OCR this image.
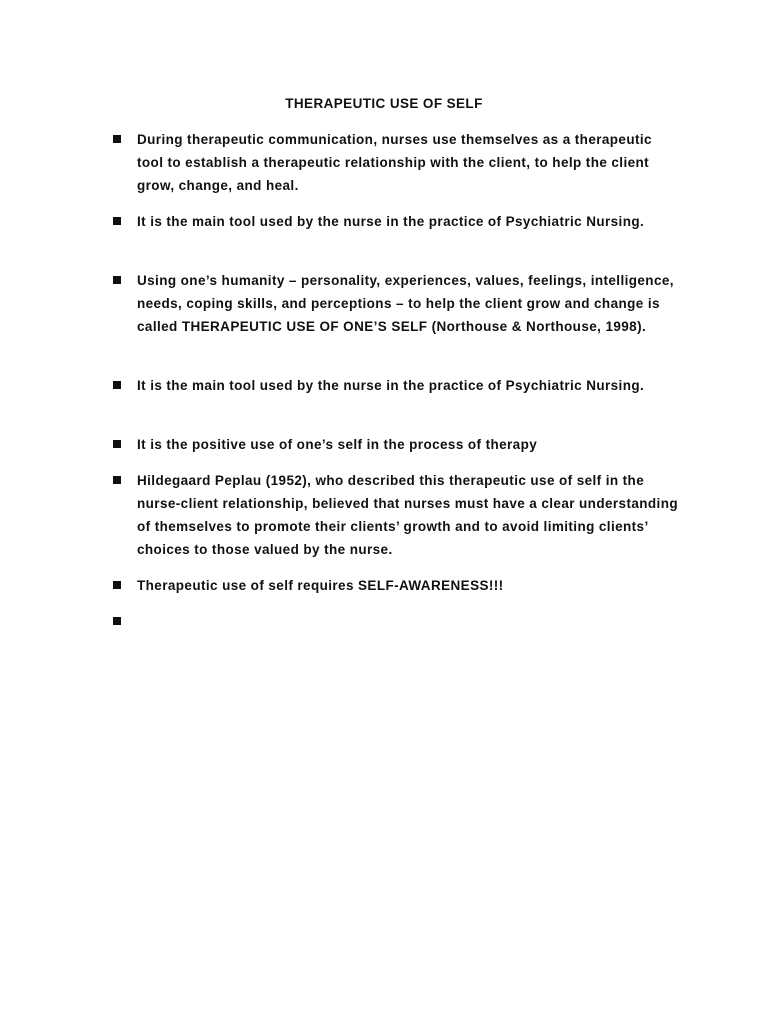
THERAPEUTIC USE OF SELF

During therapeutic communication, nurses use themselves as a therapeutic tool to establish a therapeutic relationship with the client, to help the client grow, change, and heal.

It is the main tool used by the nurse in the practice of Psychiatric Nursing.

Using one’s humanity – personality, experiences, values, feelings, intelligence, needs, coping skills, and perceptions – to help the client grow and change is called THERAPEUTIC USE OF ONE’S SELF (Northouse & Northouse, 1998).

It is the main tool used by the nurse in the practice of Psychiatric Nursing.

It is the positive use of one’s self in the process of therapy

Hildegaard Peplau (1952), who described this therapeutic use of self in the nurse-client relationship, believed that nurses must have a clear understanding of themselves to promote their clients’ growth and to avoid limiting clients’ choices to those valued by the nurse.

Therapeutic use of self requires SELF-AWARENESS!!!
